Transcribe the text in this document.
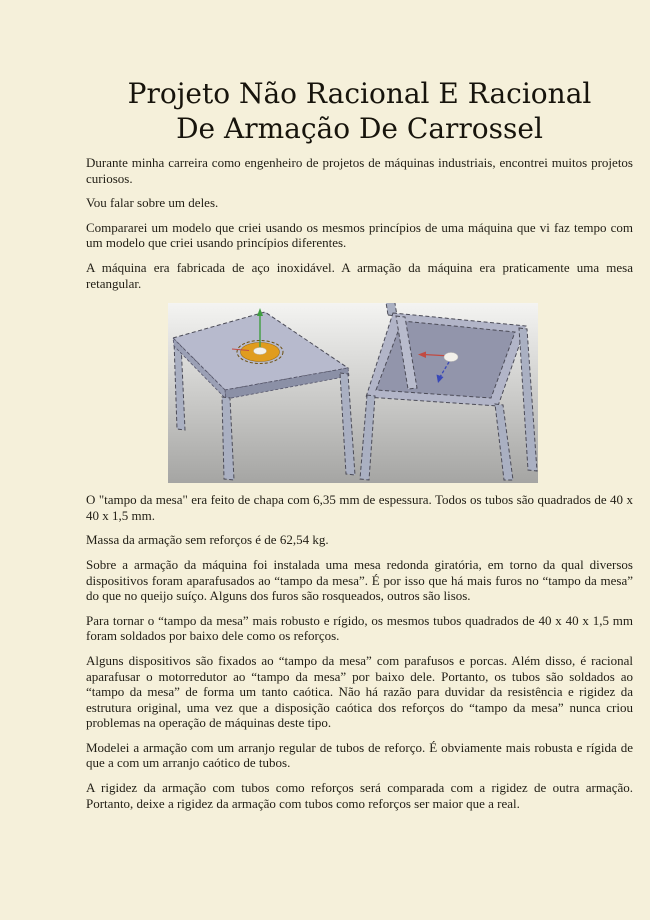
Projeto Não Racional E Racional
De Armação De Carrossel

Durante minha carreira como engenheiro de projetos de máquinas industriais, encontrei muitos projetos curiosos.

Vou falar sobre um deles.

Compararei um modelo que criei usando os mesmos princípios de uma máquina que vi faz tempo com um modelo que criei usando princípios diferentes.

A máquina era fabricada de aço inoxidável. A armação da máquina era praticamente uma mesa retangular.

O "tampo da mesa" era feito de chapa com 6,35 mm de espessura. Todos os tubos são quadrados de 40 x 40 x 1,5 mm.

Massa da armação sem reforços é de 62,54 kg.

Sobre a armação da máquina foi instalada uma mesa redonda giratória, em torno da qual diversos dispositivos foram aparafusados ao “tampo da mesa”. É por isso que há mais furos no “tampo da mesa” do que no queijo suíço. Alguns dos furos são rosqueados, outros são lisos.

Para tornar o “tampo da mesa” mais robusto e rígido, os mesmos tubos quadrados de 40 x 40 x 1,5 mm foram soldados por baixo dele como os reforços.

Alguns dispositivos são fixados ao “tampo da mesa” com parafusos e porcas. Além disso, é racional aparafusar o motorredutor ao “tampo da mesa” por baixo dele. Portanto, os tubos são soldados ao “tampo da mesa” de forma um tanto caótica. Não há razão para duvidar da resistência e rigidez da estrutura original, uma vez que a disposição caótica dos reforços do “tampo da mesa” nunca criou problemas na operação de máquinas deste tipo.

Modelei a armação com um arranjo regular de tubos de reforço. É obviamente mais robusta e rígida de que a com um arranjo caótico de tubos.

A rigidez da armação com tubos como reforços será comparada com a rigidez de outra armação. Portanto, deixe a rigidez da armação com tubos como reforços ser maior que a real.
